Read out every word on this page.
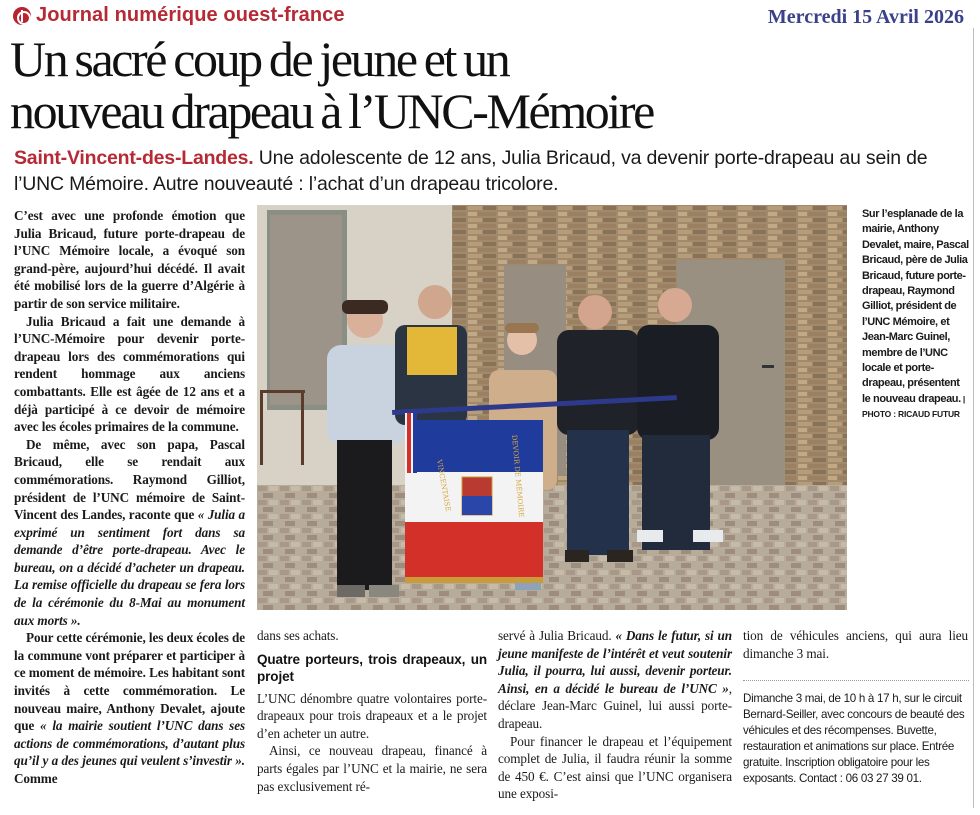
Journal numérique ouest-france	Mercredi 15 Avril 2026
Un sacré coup de jeune et un
nouveau drapeau à l’UNC-Mémoire
Saint-Vincent-des-Landes. Une adolescente de 12 ans, Julia Bricaud, va devenir porte-drapeau au sein de l’UNC Mémoire. Autre nouveauté : l’achat d’un drapeau tricolore.

C’est avec une profonde émotion que Julia Bricaud, future porte-drapeau de l’UNC Mémoire locale, a évoqué son grand-père, aujourd’hui décédé. Il avait été mobilisé lors de la guerre d’Algérie à partir de son service militaire.

Julia Bricaud a fait une demande à l’UNC-Mémoire pour devenir porte-drapeau lors des commémorations qui rendent hommage aux anciens combattants. Elle est âgée de 12 ans et a déjà participé à ce devoir de mémoire avec les écoles primaires de la commune.

De même, avec son papa, Pascal Bricaud, elle se rendait aux commémorations. Raymond Gilliot, président de l’UNC mémoire de Saint-Vincent des Landes, raconte que « Julia a exprimé un sentiment fort dans sa demande d’être porte-drapeau. Avec le bureau, on a décidé d’acheter un drapeau. La remise officielle du drapeau se fera lors de la cérémonie du 8-Mai au monument aux morts ».

Pour cette cérémonie, les deux écoles de la commune vont préparer et participer à ce moment de mémoire. Les habitant sont invités à cette commémoration. Le nouveau maire, Anthony Devalet, ajoute que « la mairie soutient l’UNC dans ses actions de commémorations, d’autant plus qu’il y a des jeunes qui veulent s’investir ». Comme

VINCENTAISE	DEVOIR DE MÉMOIRE
Sur l’esplanade de la mairie, Anthony Devalet, maire, Pascal Bricaud, père de Julia Bricaud, future porte-drapeau, Raymond Gilliot, président de l’UNC Mémoire, et Jean-Marc Guinel, membre de l’UNC locale et porte-drapeau, présentent le nouveau drapeau. | PHOTO : RICAUD FUTUR

dans ses achats.

Quatre porteurs, trois drapeaux, un projet

L’UNC dénombre quatre volontaires porte-drapeaux pour trois drapeaux et a le projet d’en acheter un autre.

Ainsi, ce nouveau drapeau, financé à parts égales par l’UNC et la mairie, ne sera pas exclusivement ré-

servé à Julia Bricaud. « Dans le futur, si un jeune manifeste de l’intérêt et veut soutenir Julia, il pourra, lui aussi, devenir porteur. Ainsi, en a décidé le bureau de l’UNC », déclare Jean-Marc Guinel, lui aussi porte-drapeau.

Pour financer le drapeau et l’équipement complet de Julia, il faudra réunir la somme de 450 €. C’est ainsi que l’UNC organisera une exposi-

tion de véhicules anciens, qui aura lieu dimanche 3 mai.

Dimanche 3 mai, de 10 h à 17 h, sur le circuit Bernard-Seiller, avec concours de beauté des véhicules et des récompenses. Buvette, restauration et animations sur place. Entrée gratuite. Inscription obligatoire pour les exposants. Contact : 06 03 27 39 01.
